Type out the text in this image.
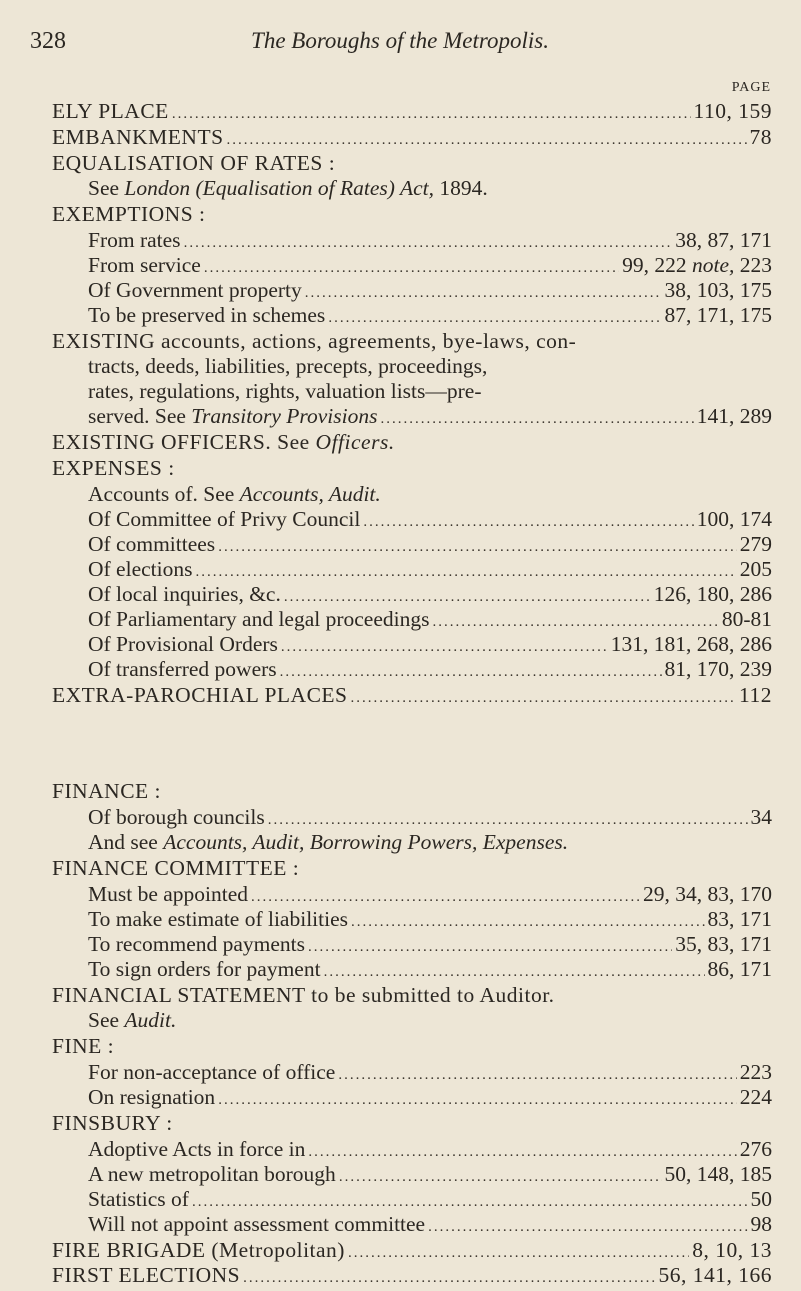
328	The Boroughs of the Metropolis.
PAGE
ELY PLACE .....	110, 159
EMBANKMENTS .....	78
EQUALISATION OF RATES :
See
London (Equalisation of Rates) Act,
1894.
EXEMPTIONS :
From rates .....	38, 87, 171
From service .....	99, 222 note, 223
Of Government property .....	38, 103, 175
To be preserved in schemes .....	87, 171, 175
EXISTING accounts, actions, agreements, bye-laws, con-
tracts, deeds, liabilities, precepts, proceedings,
rates, regulations, rights, valuation lists—pre-
served. See
Transitory Provisions .....	141, 289
EXISTING OFFICERS. See
Officers.
EXPENSES :
Accounts of. See
Accounts, Audit.
Of Committee of Privy Council .....	100, 174
Of committees .....	279
Of elections .....	205
Of local inquiries, &c. .....	126, 180, 286
Of Parliamentary and legal proceedings .....	80-81
Of Provisional Orders .....	131, 181, 268, 286
Of transferred powers .....	81, 170, 239
EXTRA-PAROCHIAL PLACES .....	112
FINANCE :
Of borough councils .....	34
And see
Accounts, Audit, Borrowing Powers, Expenses.
FINANCE COMMITTEE :
Must be appointed .....	29, 34, 83, 170
To make estimate of liabilities .....	83, 171
To recommend payments .....	35, 83, 171
To sign orders for payment .....	86, 171
FINANCIAL STATEMENT to be submitted to Auditor.
See
Audit.
FINE :
For non-acceptance of office .....	223
On resignation .....	224
FINSBURY :
Adoptive Acts in force in .....	276
A new metropolitan borough .....	50, 148, 185
Statistics of .....	50
Will not appoint assessment committee .....	98
FIRE BRIGADE (Metropolitan) .....	8, 10, 13
FIRST ELECTIONS .....	56, 141, 166
